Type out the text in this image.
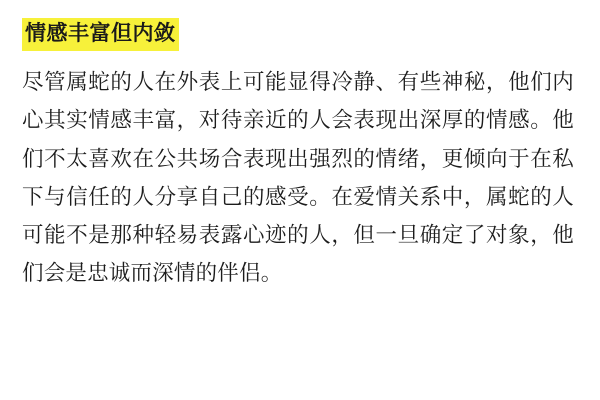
情感丰富但内敛

尽管属蛇的人在外表上可能显得冷静、有些神秘，他们内心其实情感丰富，对待亲近的人会表现出深厚的情感。他们不太喜欢在公共场合表现出强烈的情绪，更倾向于在私下与信任的人分享自己的感受。在爱情关系中，属蛇的人可能不是那种轻易表露心迹的人，但一旦确定了对象，他们会是忠诚而深情的伴侣。
